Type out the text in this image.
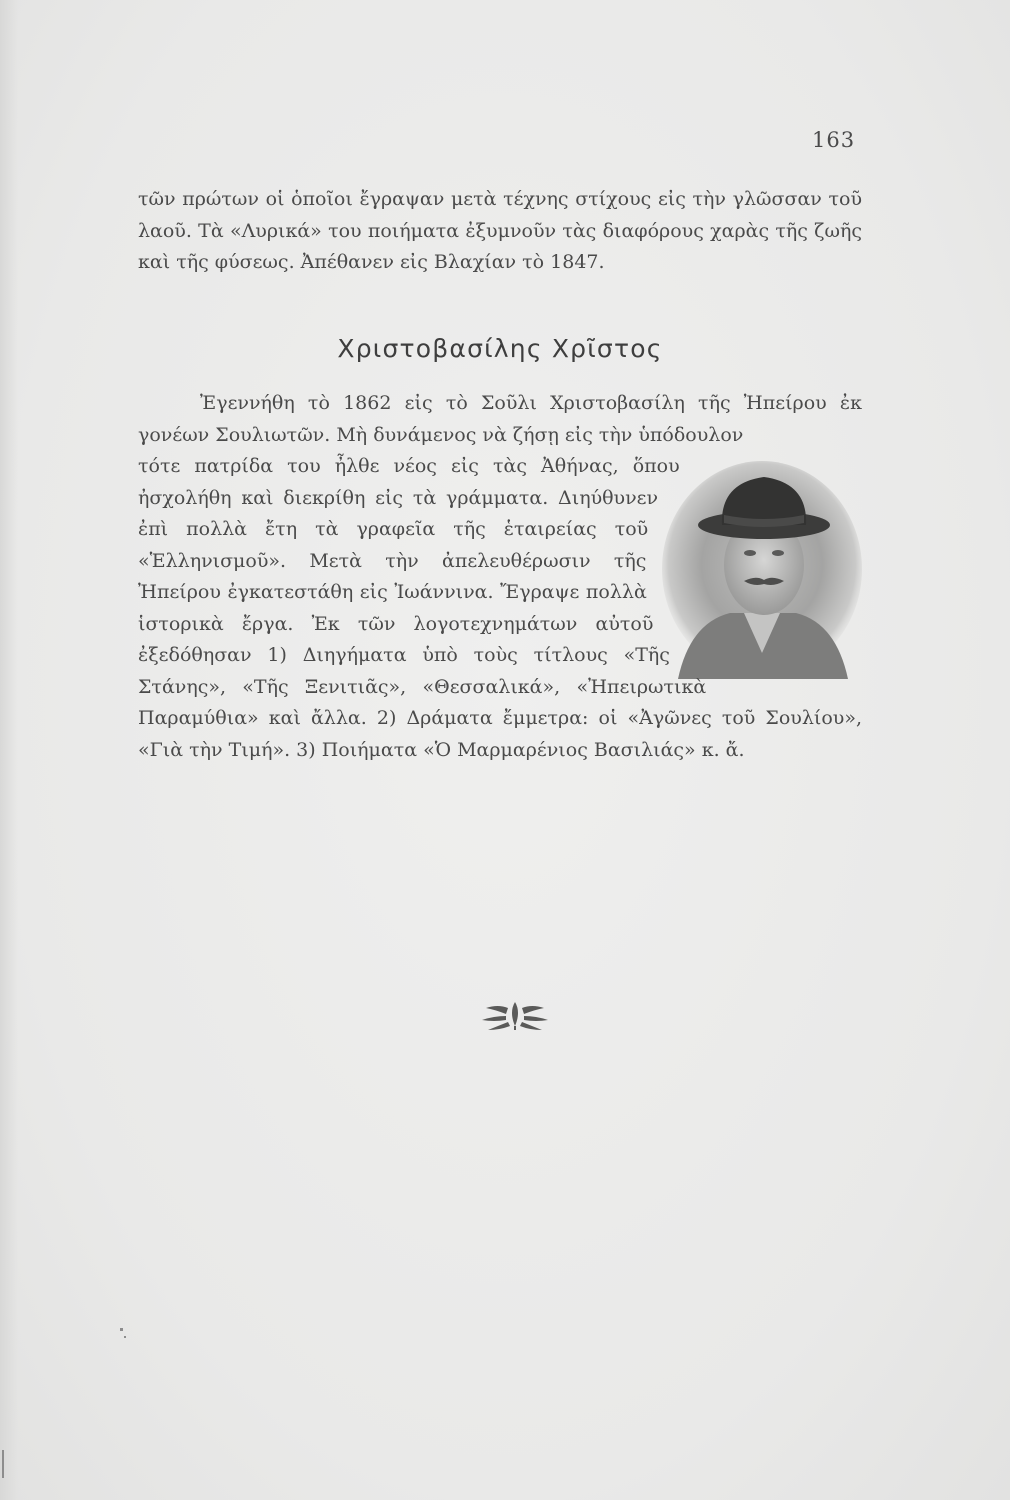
163

τῶν πρώτων οἱ ὁποῖοι ἔγραψαν μετὰ τέχνης στίχους εἰς τὴν γλῶσσαν τοῦ λαοῦ. Τὰ «Λυρικά» του ποιήματα ἐξυμνοῦν τὰς διαφόρους χαρὰς τῆς ζωῆς καὶ τῆς φύσεως. Ἀπέθανεν εἰς Βλαχίαν τὸ 1847.

Χριστοβασίλης Χρῖστος
Ἐγεννήθη τὸ 1862 εἰς τὸ Σοῦλι Χριστοβασίλη τῆς Ἠπείρου ἐκ γονέων Σουλιωτῶν. Μὴ δυνάμενος νὰ ζήσῃ εἰς τὴν ὑπόδουλον
τότε πατρίδα του ἦλθε νέος εἰς τὰς Ἀθήνας, ὅπου ἠσχολήθη καὶ διεκρίθη εἰς τὰ γράμματα. Διηύθυνεν ἐπὶ πολλὰ ἔτη τὰ γραφεῖα τῆς ἑταιρείας τοῦ «Ἑλληνισμοῦ». Μετὰ τὴν ἀπελευθέρωσιν τῆς Ἠπείρου ἐγκατεστάθη εἰς Ἰωάννινα. Ἔγραψε πολλὰ ἱστορικὰ ἔργα. Ἐκ τῶν λογοτεχνημάτων αὐτοῦ ἐξεδόθησαν 1) Διηγήματα ὑπὸ τοὺς τίτλους «Τῆς Στάνης», «Τῆς Ξενιτιᾶς», «Θεσσαλικά», «Ἠπειρωτικὰ Παραμύθια» καὶ ἄλλα. 2) Δράματα ἔμμετρα: οἱ «Ἀγῶνες τοῦ Σουλίου», «Γιὰ τὴν Τιμή». 3) Ποιήματα «Ὁ Μαρμαρένιος Βασιλιάς» κ. ἄ.
